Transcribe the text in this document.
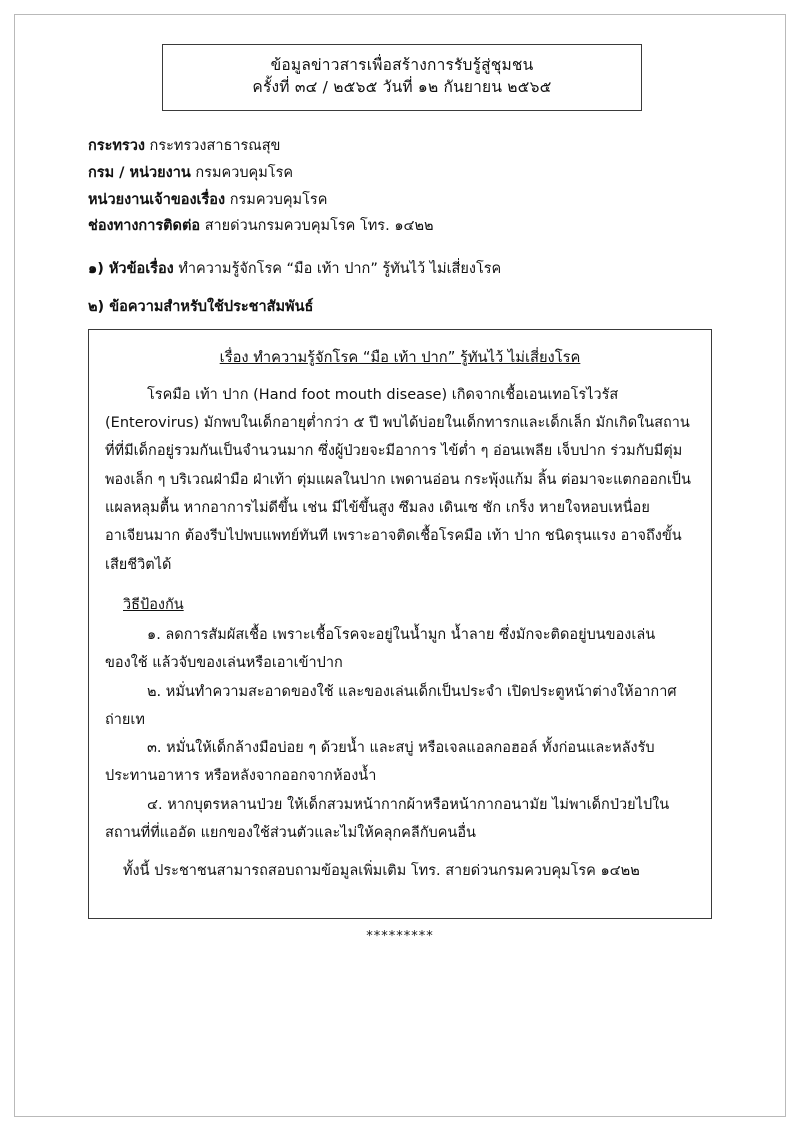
ข้อมูลข่าวสารเพื่อสร้างการรับรู้สู่ชุมชน
ครั้งที่ ๓๔ / ๒๕๖๕ วันที่ ๑๒ กันยายน ๒๕๖๕
กระทรวง กระทรวงสาธารณสุข
กรม / หน่วยงาน กรมควบคุมโรค
หน่วยงานเจ้าของเรื่อง กรมควบคุมโรค
ช่องทางการติดต่อ สายด่วนกรมควบคุมโรค โทร. ๑๔๒๒
๑) หัวข้อเรื่อง ทำความรู้จักโรค “มือ เท้า ปาก” รู้ทันไว้ ไม่เสี่ยงโรค
๒) ข้อความสำหรับใช้ประชาสัมพันธ์
เรื่อง ทำความรู้จักโรค “มือ เท้า ปาก” รู้ทันไว้ ไม่เสี่ยงโรค

โรคมือ เท้า ปาก (Hand foot mouth disease) เกิดจากเชื้อเอนเทอโรไวรัส (Enterovirus) มักพบในเด็กอายุต่ำกว่า ๕ ปี พบได้บ่อยในเด็กทารกและเด็กเล็ก มักเกิดในสถานที่ที่มีเด็กอยู่รวมกันเป็นจำนวนมาก ซึ่งผู้ป่วยจะมีอาการ ไข้ต่ำ ๆ อ่อนเพลีย เจ็บปาก ร่วมกับมีตุ่มพองเล็ก ๆ บริเวณฝ่ามือ ฝ่าเท้า ตุ่มแผลในปาก เพดานอ่อน กระพุ้งแก้ม ลิ้น ต่อมาจะแตกออกเป็นแผลหลุมตื้น หากอาการไม่ดีขึ้น เช่น มีไข้ขึ้นสูง ซึมลง เดินเซ ชัก เกร็ง หายใจหอบเหนื่อย อาเจียนมาก ต้องรีบไปพบแพทย์ทันที เพราะอาจติดเชื้อโรคมือ เท้า ปาก ชนิดรุนแรง อาจถึงขั้นเสียชีวิตได้

วิธีป้องกัน

๑. ลดการสัมผัสเชื้อ เพราะเชื้อโรคจะอยู่ในน้ำมูก น้ำลาย ซึ่งมักจะติดอยู่บนของเล่น ของใช้ แล้วจับของเล่นหรือเอาเข้าปาก

๒. หมั่นทำความสะอาดของใช้ และของเล่นเด็กเป็นประจำ เปิดประตูหน้าต่างให้อากาศถ่ายเท

๓. หมั่นให้เด็กล้างมือบ่อย ๆ ด้วยน้ำ และสบู่ หรือเจลแอลกอฮอล์ ทั้งก่อนและหลังรับประทานอาหาร หรือหลังจากออกจากห้องน้ำ

๔. หากบุตรหลานป่วย ให้เด็กสวมหน้ากากผ้าหรือหน้ากากอนามัย ไม่พาเด็กป่วยไปในสถานที่ที่แออัด แยกของใช้ส่วนตัวและไม่ให้คลุกคลีกับคนอื่น

ทั้งนี้ ประชาชนสามารถสอบถามข้อมูลเพิ่มเติม โทร. สายด่วนกรมควบคุมโรค ๑๔๒๒

*********
